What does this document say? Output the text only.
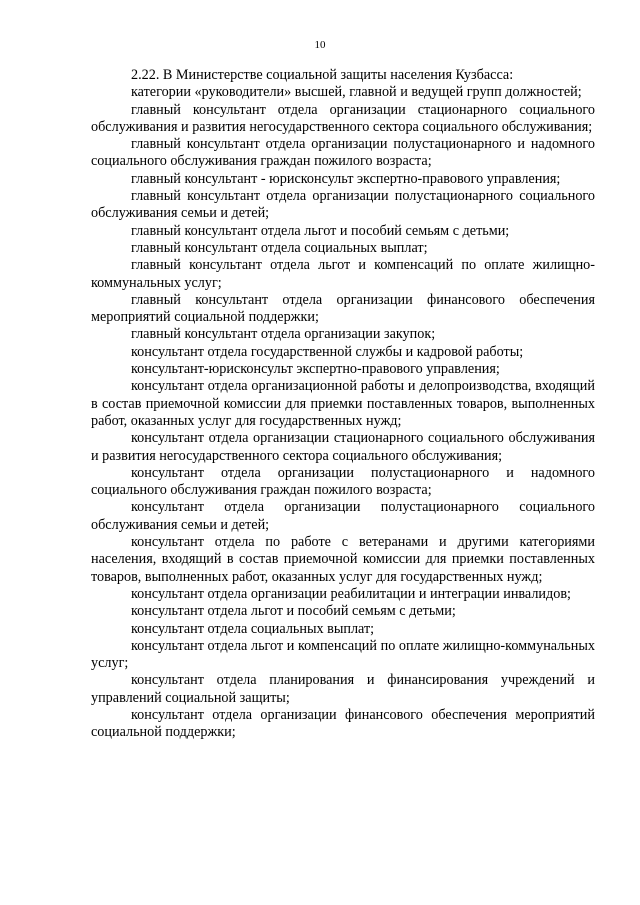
10

2.22. В Министерстве социальной защиты населения Кузбасса:

категории «руководители» высшей, главной и ведущей групп должностей;

главный консультант отдела организации стационарного социального обслуживания и развития негосударственного сектора социального обслуживания;

главный консультант отдела организации полустационарного и надомного социального обслуживания граждан пожилого возраста;

главный консультант - юрисконсульт экспертно-правового управления;

главный консультант отдела организации полустационарного социального обслуживания семьи и детей;

главный консультант отдела льгот и пособий семьям с детьми;

главный консультант отдела социальных выплат;

главный консультант отдела льгот и компенсаций по оплате жилищно-коммунальных услуг;

главный консультант отдела организации финансового обеспечения мероприятий социальной поддержки;

главный консультант отдела организации закупок;

консультант отдела государственной службы и кадровой работы;

консультант-юрисконсульт экспертно-правового управления;

консультант отдела организационной работы и делопроизводства, входящий в состав приемочной комиссии для приемки поставленных товаров, выполненных работ, оказанных услуг для государственных нужд;

консультант отдела организации стационарного социального обслуживания и развития негосударственного сектора социального обслуживания;

консультант отдела организации полустационарного и надомного социального обслуживания граждан пожилого возраста;

консультант отдела организации полустационарного социального обслуживания семьи и детей;

консультант отдела по работе с ветеранами и другими категориями населения, входящий в состав приемочной комиссии для приемки поставленных товаров, выполненных работ, оказанных услуг для государственных нужд;

консультант отдела организации реабилитации и интеграции инвалидов;

консультант отдела льгот и пособий семьям с детьми;

консультант отдела социальных выплат;

консультант отдела льгот и компенсаций по оплате жилищно-коммунальных услуг;

консультант отдела планирования и финансирования учреждений и управлений социальной защиты;

консультант отдела организации финансового обеспечения мероприятий социальной поддержки;
